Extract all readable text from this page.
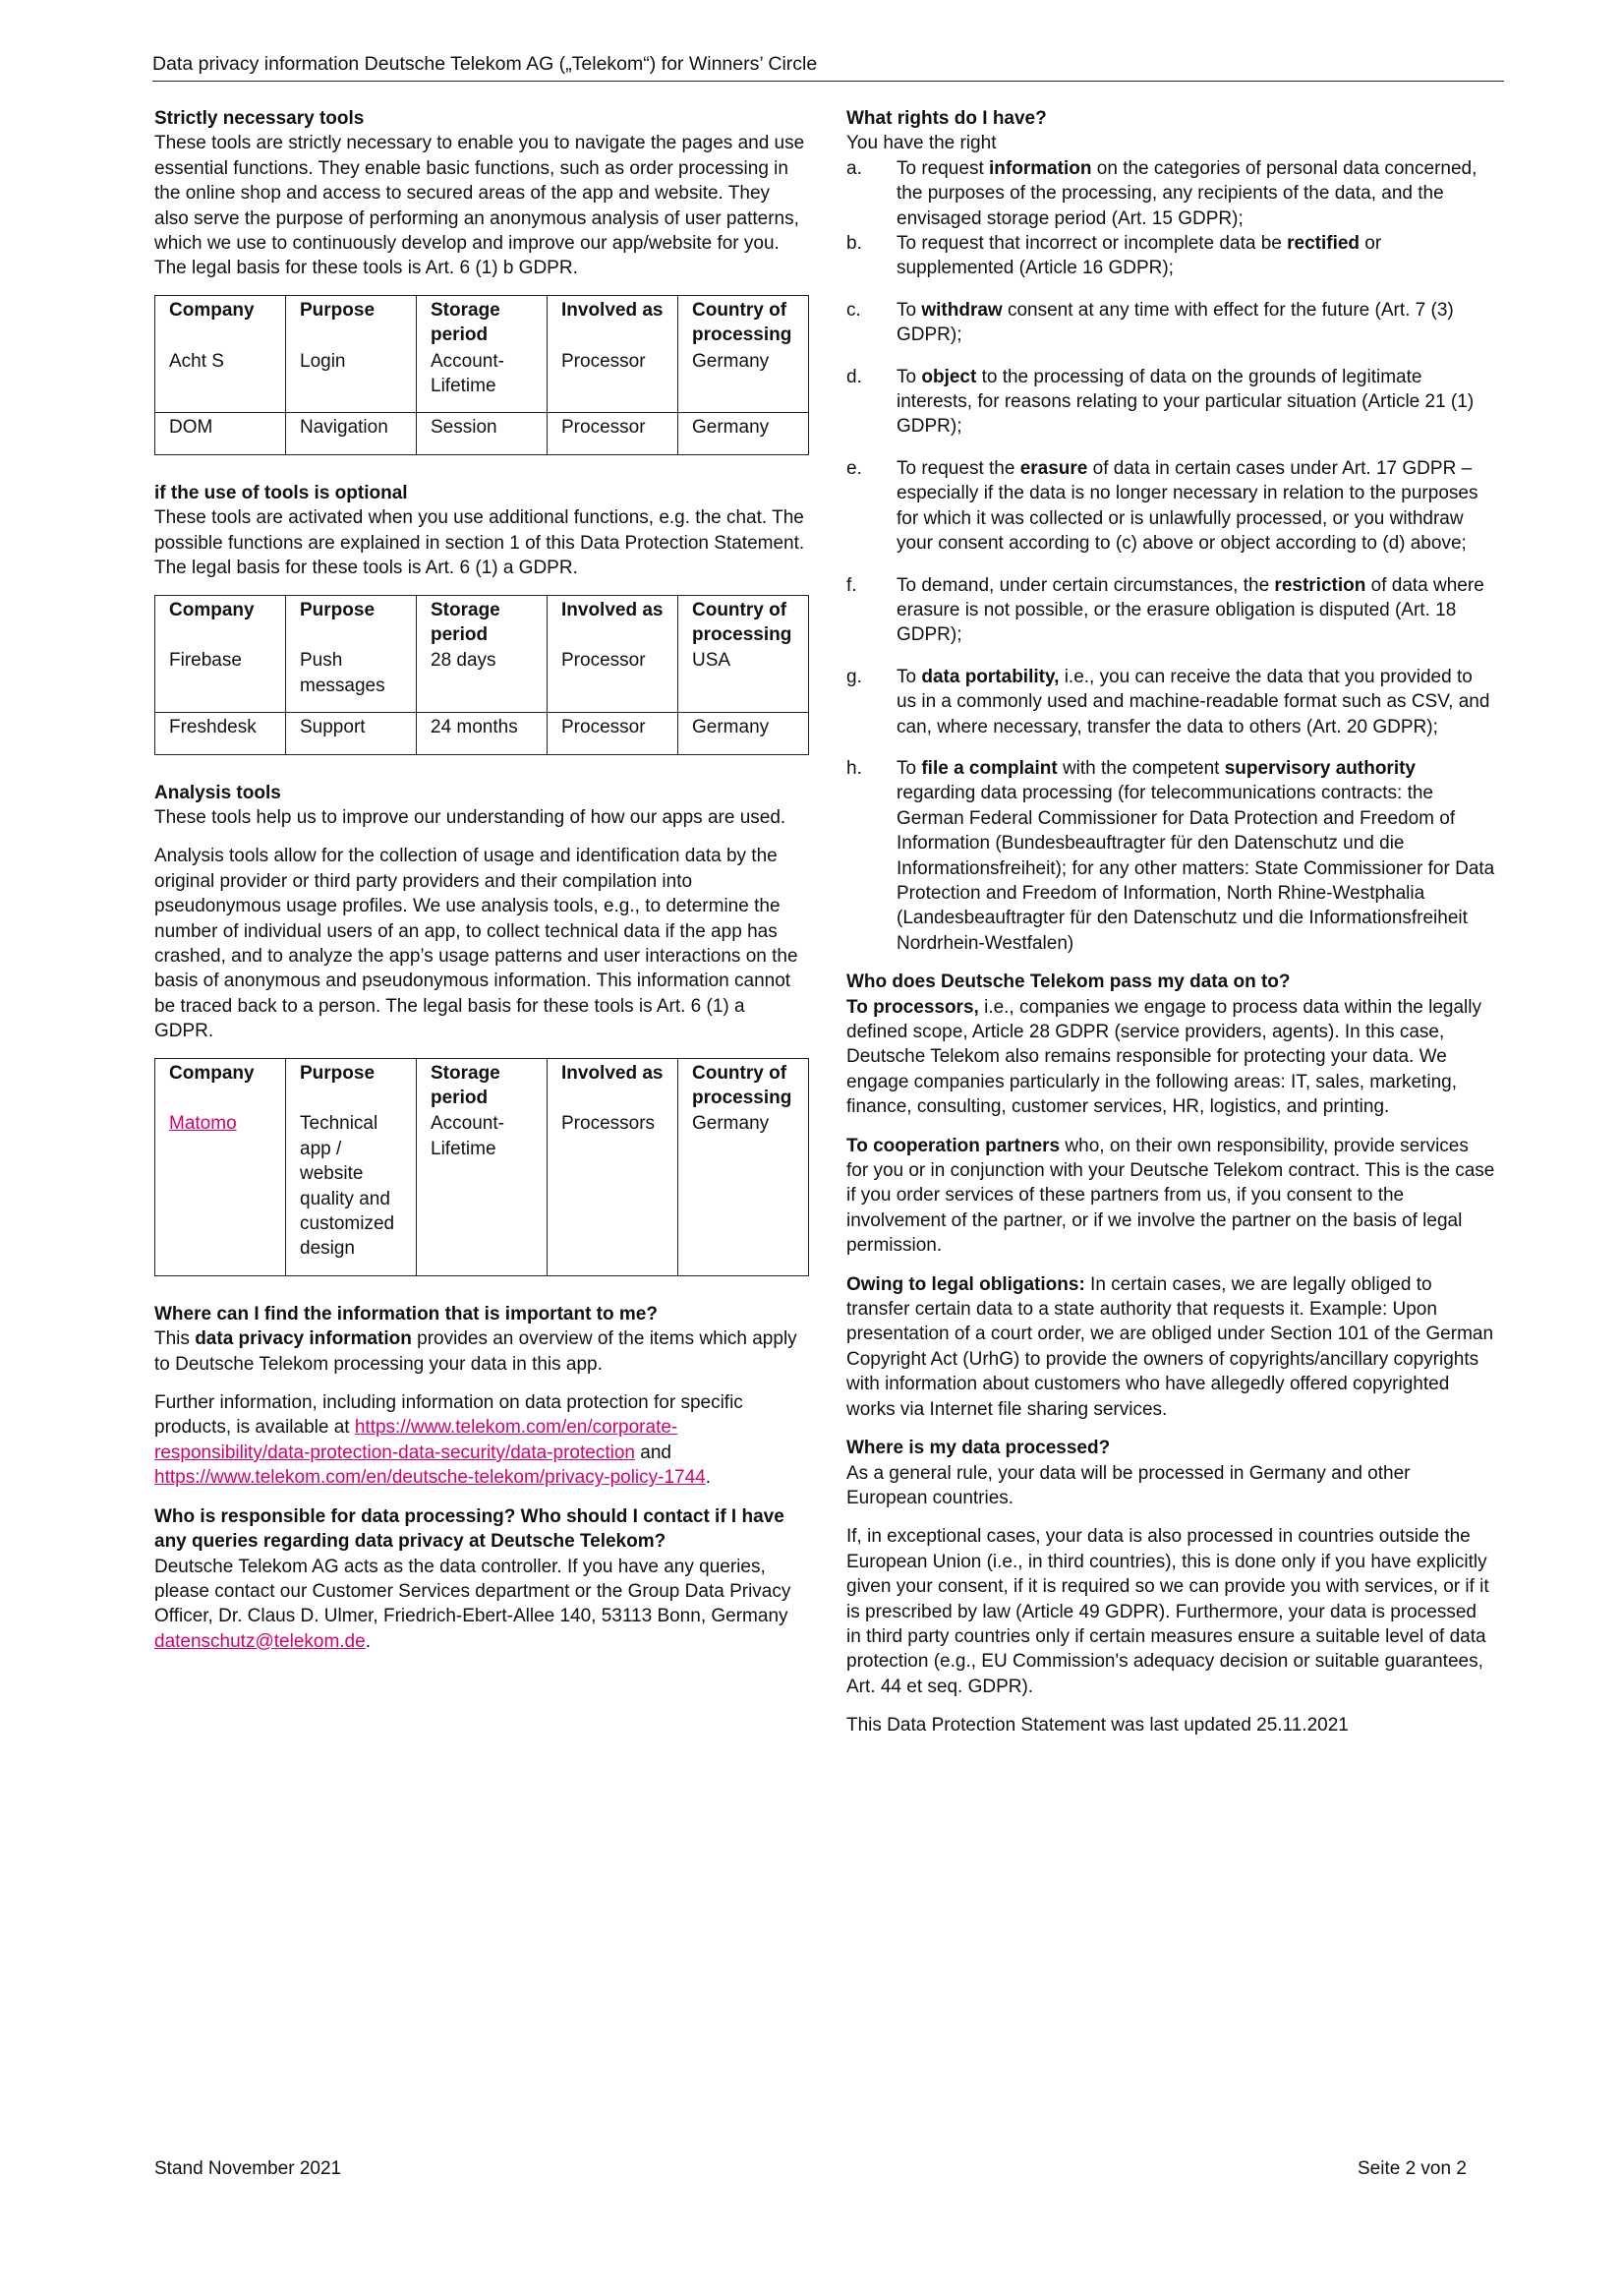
Data privacy information Deutsche Telekom AG („Telekom“) for Winners’ Circle
Strictly necessary tools

These tools are strictly necessary to enable you to navigate the pages and use essential functions. They enable basic functions, such as order processing in the online shop and access to secured areas of the app and website. They also serve the purpose of performing an anonymous analysis of user patterns, which we use to continuously develop and improve our app/website for you. The legal basis for these tools is Art. 6 (1) b GDPR.

Company	Purpose	Storage period	Involved as	Country of processing
Acht S	Login	Account-Lifetime	Processor	Germany
DOM	Navigation	Session	Processor	Germany
if the use of tools is optional

These tools are activated when you use additional functions, e.g. the chat. The possible functions are explained in section 1 of this Data Protection Statement. The legal basis for these tools is Art. 6 (1) a GDPR.

Company	Purpose	Storage period	Involved as	Country of processing
Firebase	Push messages	28 days	Processor	USA
Freshdesk	Support	24 months	Processor	Germany
Analysis tools

These tools help us to improve our understanding of how our apps are used.

Analysis tools allow for the collection of usage and identification data by the original provider or third party providers and their compilation into pseudonymous usage profiles. We use analysis tools, e.g., to determine the number of individual users of an app, to collect technical data if the app has crashed, and to analyze the app’s usage patterns and user interactions on the basis of anonymous and pseudonymous information. This information cannot be traced back to a person. The legal basis for these tools is Art. 6 (1) a GDPR.

Company	Purpose	Storage period	Involved as	Country of processing
Matomo	Technical app / website quality and customized design	Account-Lifetime	Processors	Germany
Where can I find the information that is important to me?

This data privacy information provides an overview of the items which apply to Deutsche Telekom processing your data in this app.

Further information, including information on data protection for specific products, is available at https://www.telekom.com/en/corporate-responsibility/data-protection-data-security/data-protection and https://www.telekom.com/en/deutsche-telekom/privacy-policy-1744.

Who is responsible for data processing? Who should I contact if I have any queries regarding data privacy at Deutsche Telekom?

Deutsche Telekom AG acts as the data controller. If you have any queries, please contact our Customer Services department or the Group Data Privacy Officer, Dr. Claus D. Ulmer, Friedrich-Ebert-Allee 140, 53113 Bonn, Germany datenschutz@telekom.de.

What rights do I have?

You have the right

a. To request information on the categories of personal data concerned, the purposes of the processing, any recipients of the data, and the envisaged storage period (Art. 15 GDPR);
b. To request that incorrect or incomplete data be rectified or supplemented (Article 16 GDPR);
c. To withdraw consent at any time with effect for the future (Art. 7 (3) GDPR);
d. To object to the processing of data on the grounds of legitimate interests, for reasons relating to your particular situation (Article 21 (1) GDPR);
e. To request the erasure of data in certain cases under Art. 17 GDPR – especially if the data is no longer necessary in relation to the purposes for which it was collected or is unlawfully processed, or you withdraw your consent according to (c) above or object according to (d) above;
f. To demand, under certain circumstances, the restriction of data where erasure is not possible, or the erasure obligation is disputed (Art. 18 GDPR);
g. To data portability, i.e., you can receive the data that you provided to us in a commonly used and machine-readable format such as CSV, and can, where necessary, transfer the data to others (Art. 20 GDPR);
h. To file a complaint with the competent supervisory authority regarding data processing (for telecommunications contracts: the German Federal Commissioner for Data Protection and Freedom of Information (Bundesbeauftragter für den Datenschutz und die Informationsfreiheit); for any other matters: State Commissioner for Data Protection and Freedom of Information, North Rhine-Westphalia (Landesbeauftragter für den Datenschutz und die Informationsfreiheit Nordrhein-Westfalen)
Who does Deutsche Telekom pass my data on to?

To processors, i.e., companies we engage to process data within the legally defined scope, Article 28 GDPR (service providers, agents). In this case, Deutsche Telekom also remains responsible for protecting your data. We engage companies particularly in the following areas: IT, sales, marketing, finance, consulting, customer services, HR, logistics, and printing.

To cooperation partners who, on their own responsibility, provide services for you or in conjunction with your Deutsche Telekom contract. This is the case if you order services of these partners from us, if you consent to the involvement of the partner, or if we involve the partner on the basis of legal permission.

Owing to legal obligations: In certain cases, we are legally obliged to transfer certain data to a state authority that requests it. Example: Upon presentation of a court order, we are obliged under Section 101 of the German Copyright Act (UrhG) to provide the owners of copyrights/ancillary copyrights with information about customers who have allegedly offered copyrighted works via Internet file sharing services.

Where is my data processed?

As a general rule, your data will be processed in Germany and other European countries.

If, in exceptional cases, your data is also processed in countries outside the European Union (i.e., in third countries), this is done only if you have explicitly given your consent, if it is required so we can provide you with services, or if it is prescribed by law (Article 49 GDPR). Furthermore, your data is processed in third party countries only if certain measures ensure a suitable level of data protection (e.g., EU Commission's adequacy decision or suitable guarantees, Art. 44 et seq. GDPR).

This Data Protection Statement was last updated 25.11.2021

Stand November 2021	Seite 2 von 2
